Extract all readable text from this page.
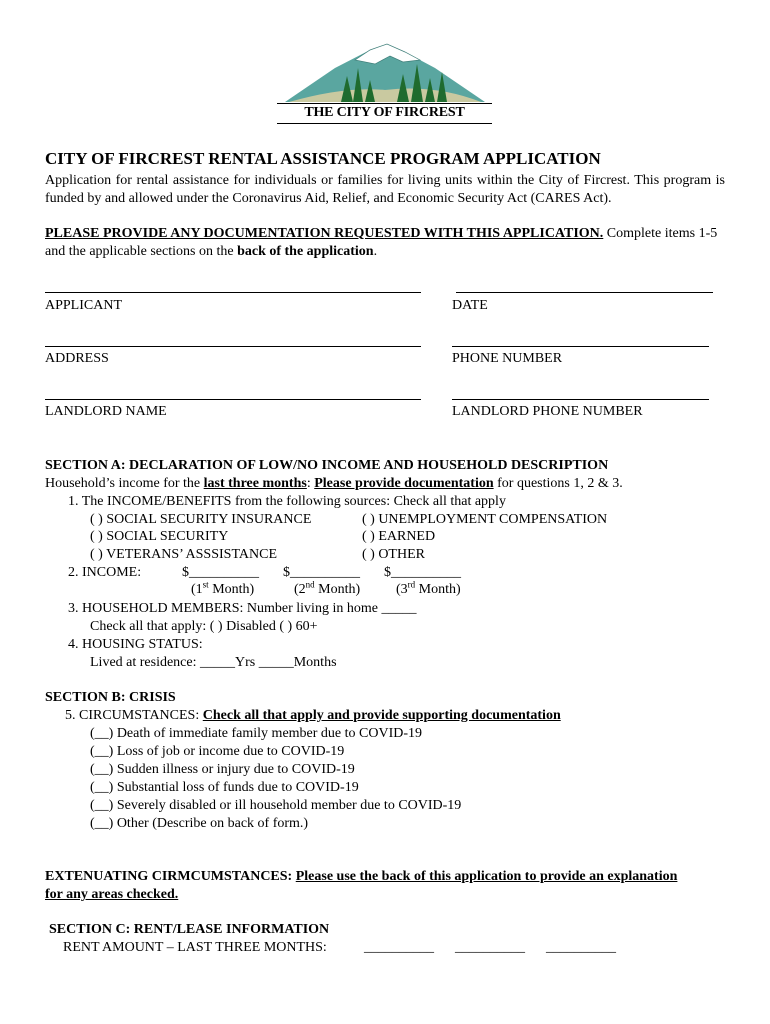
THE CITY OF FIRCREST
CITY OF FIRCREST RENTAL ASSISTANCE PROGRAM APPLICATION
Application for rental assistance for individuals or families for living units within the City of Fircrest. This program is funded by and allowed under the Coronavirus Aid, Relief, and Economic Security Act (CARES Act).
PLEASE PROVIDE ANY DOCUMENTATION REQUESTED WITH THIS APPLICATION. Complete items 1-5 and the applicable sections on the back of the application.
APPLICANT	DATE
ADDRESS	PHONE NUMBER
LANDLORD NAME	LANDLORD PHONE NUMBER
SECTION A: DECLARATION OF LOW/NO INCOME AND HOUSEHOLD DESCRIPTION
Household’s income for the last three months: Please provide documentation for questions 1, 2 & 3.
1. The INCOME/BENEFITS from the following sources: Check all that apply
( ) SOCIAL SECURITY INSURANCE	( ) UNEMPLOYMENT COMPENSATION
( ) SOCIAL SECURITY	( ) EARNED
( ) VETERANS’ ASSSISTANCE	( ) OTHER
2. INCOME:	$__________ $__________ $__________
(1st Month)	(2nd Month)	(3rd Month)
3. HOUSEHOLD MEMBERS: Number living in home _____
Check all that apply: ( ) Disabled ( ) 60+
4. HOUSING STATUS:
Lived at residence: _____Yrs _____Months
SECTION B: CRISIS
5. CIRCUMSTANCES: Check all that apply and provide supporting documentation
(__) Death of immediate family member due to COVID-19
(__) Loss of job or income due to COVID-19
(__) Sudden illness or injury due to COVID-19
(__) Substantial loss of funds due to COVID-19
(__) Severely disabled or ill household member due to COVID-19
(__) Other (Describe on back of form.)
EXTENUATING CIRMCUMSTANCES: Please use the back of this application to provide an explanation for any areas checked.
SECTION C: RENT/LEASE INFORMATION
RENT AMOUNT – LAST THREE MONTHS:	__________ __________ __________
